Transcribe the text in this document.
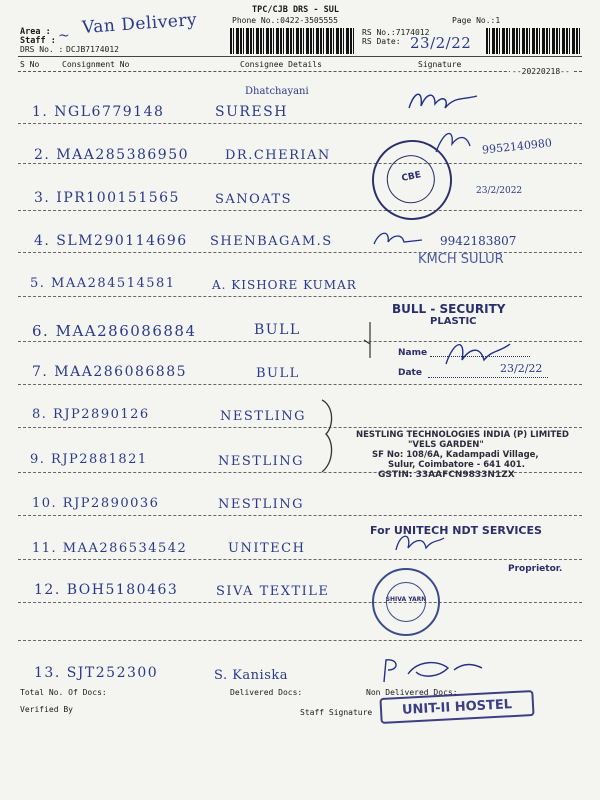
TPC/CJB DRS - SUL
Phone No.:0422-3505555
Area : Van Delivery
Staff : ~
DRS No. : DCJB7174012
RS No.:7174012
RS Date: 23/2/22
Page No.:1
S No	Consignment No	Consignee Details	Signature
--20220218--
1. NGL6779148	SURESH
Dhatchayani
2. MAA285386950	DR.CHERIAN	9952140980
3. IPR100151565	SANOATS
23/2/2022
4. SLM290114696 SHENBAGAM.S	9942183807
5. MAA284514581	A. KISHORE KUMAR
6. MAA286086884	BULL
7. MAA286086885	BULL
8. RJP2890126	NESTLING
9. RJP2881821	NESTLING
10. RJP2890036	NESTLING
11. MAA286534542	UNITECH
12. BOH5180463	SIVA TEXTILE
13. SJT252300	S. Kaniska
CBE
KMCH SULUR
BULL - SECURITY
PLASTIC
Name
Date	23/2/22
NESTLING TECHNOLOGIES INDIA (P) LIMITED
"VELS GARDEN"
SF No: 108/6A, Kadampadi Village,
Sulur, Coimbatore - 641 401.
GSTIN: 33AAFCN9833N1ZX
For UNITECH NDT SERVICES
Proprietor.
SHIVA YARN
UNIT-II HOSTEL
Total No. Of Docs:	Delivered Docs:	Non Delivered Docs:
Verified By	Staff Signature
